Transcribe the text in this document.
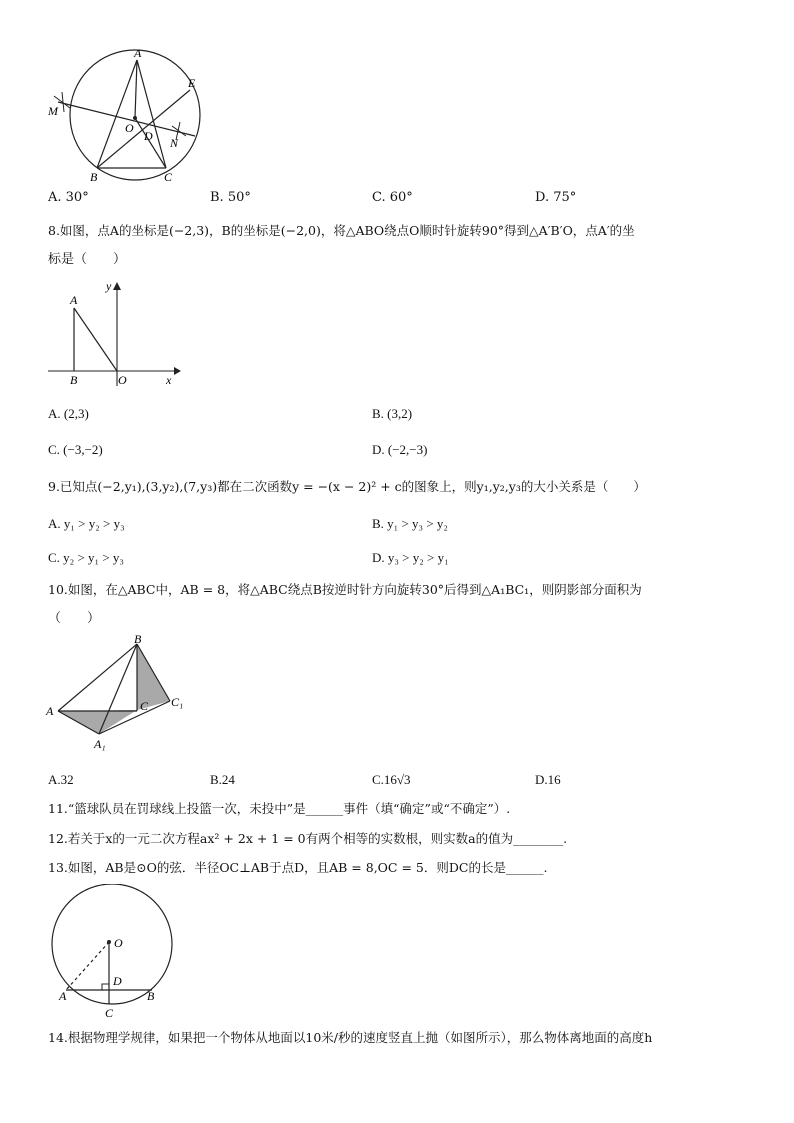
A
E
M
O
D N
B	C
A. 30°	B. 50°	C. 60°	D. 75°
8.如图，点A的坐标是(−2,3)，B的坐标是(−2,0)，将△ABO绕点O顺时针旋转90°得到△A′B′O，点A′的坐
标是（　　）
A
B	O	x
y
A. (2,3)	B. (3,2)
C. (−3,−2)	D. (−2,−3)
9.已知点(−2,y₁),(3,y₂),(7,y₃)都在二次函数y = −(x − 2)² + c的图象上，则y₁,y₂,y₃的大小关系是（　　）
A. y₁ > y₂ > y₃	B. y₁ > y₃ > y₂
C. y₂ > y₁ > y₃	D. y₃ > y₂ > y₁
10.如图，在△ABC中，AB = 8，将△ABC绕点B按逆时针方向旋转30°后得到△A₁BC₁，则阴影部分面积为
（　　）
B
A	C C₁
A₁
A.32	B.24	C.16√3	D.16
11.“篮球队员在罚球线上投篮一次，未投中”是______事件（填“确定”或“不确定”）.
12.若关于x的一元二次方程ax² + 2x + 1 = 0有两个相等的实数根，则实数a的值为________.
13.如图，AB是⊙O的弦．半径OC⊥AB于点D，且AB = 8,OC = 5．则DC的长是______.
O
D
A	B
C
14.根据物理学规律，如果把一个物体从地面以10米/秒的速度竖直上抛（如图所示），那么物体离地面的高度h
